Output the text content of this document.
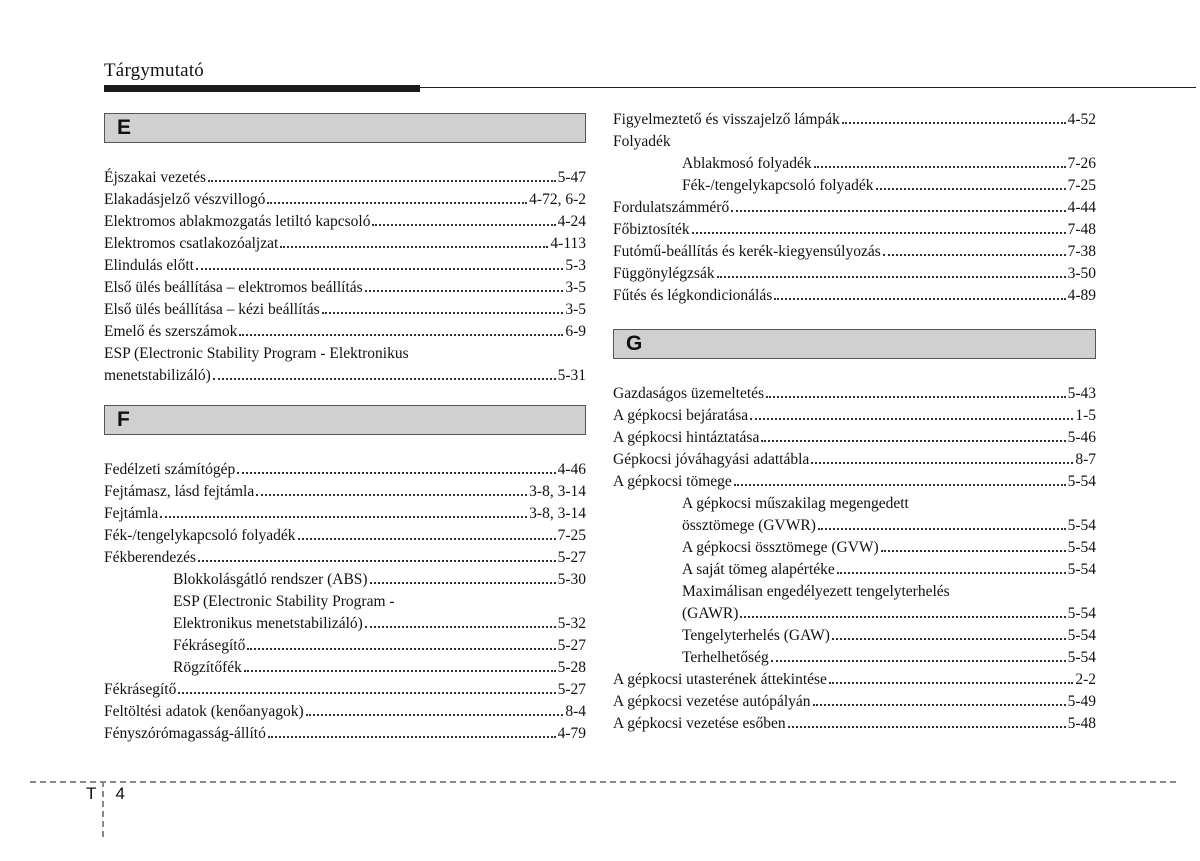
Tárgymutató
E
Éjszakai vezetés	5-47
Elakadásjelző vészvillogó	4-72, 6-2
Elektromos ablakmozgatás letiltó kapcsoló	4-24
Elektromos csatlakozóaljzat	4-113
Elindulás előtt	5-3
Első ülés beállítása – elektromos beállítás	3-5
Első ülés beállítása – kézi beállítás	3-5
Emelő és szerszámok	6-9
ESP (Electronic Stability Program - Elektronikus
menetstabilizáló)	5-31
F
Fedélzeti számítógép	4-46
Fejtámasz, lásd fejtámla	3-8, 3-14
Fejtámla	3-8, 3-14
Fék-/tengelykapcsoló folyadék	7-25
Fékberendezés	5-27
Blokkolásgátló rendszer (ABS)	5-30
ESP (Electronic Stability Program -
Elektronikus menetstabilizáló)	5-32
Fékrásegítő	5-27
Rögzítőfék	5-28
Fékrásegítő	5-27
Feltöltési adatok (kenőanyagok)	8-4
Fényszórómagasság-állító	4-79
Figyelmeztető és visszajelző lámpák	4-52
Folyadék
Ablakmosó folyadék	7-26
Fék-/tengelykapcsoló folyadék	7-25
Fordulatszámmérő	4-44
Főbiztosíték	7-48
Futómű-beállítás és kerék-kiegyensúlyozás	7-38
Függönylégzsák	3-50
Fűtés és légkondicionálás	4-89
G
Gazdaságos üzemeltetés	5-43
A gépkocsi bejáratása	1-5
A gépkocsi hintáztatása	5-46
Gépkocsi jóváhagyási adattábla	8-7
A gépkocsi tömege	5-54
A gépkocsi műszakilag megengedett
össztömege (GVWR)	5-54
A gépkocsi össztömege (GVW)	5-54
A saját tömeg alapértéke	5-54
Maximálisan engedélyezett tengelyterhelés
(GAWR)	5-54
Tengelyterhelés (GAW)	5-54
Terhelhetőség	5-54
A gépkocsi utasterének áttekintése	2-2
A gépkocsi vezetése autópályán	5-49
A gépkocsi vezetése esőben	5-48
T 4
